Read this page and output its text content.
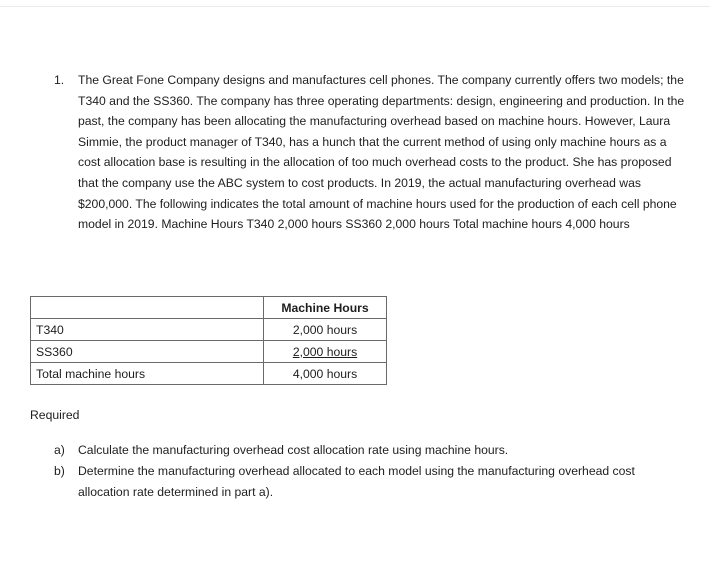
1. The Great Fone Company designs and manufactures cell phones. The company currently offers two models; the T340 and the SS360. The company has three operating departments: design, engineering and production. In the past, the company has been allocating the manufacturing overhead based on machine hours. However, Laura Simmie, the product manager of T340, has a hunch that the current method of using only machine hours as a cost allocation base is resulting in the allocation of too much overhead costs to the product. She has proposed that the company use the ABC system to cost products. In 2019, the actual manufacturing overhead was $200,000. The following indicates the total amount of machine hours used for the production of each cell phone model in 2019. Machine Hours T340 2,000 hours SS360 2,000 hours Total machine hours 4,000 hours
	Machine Hours
T340	2,000 hours
SS360	2,000 hours
Total machine hours	4,000 hours
Required
a) Calculate the manufacturing overhead cost allocation rate using machine hours.
b) Determine the manufacturing overhead allocated to each model using the manufacturing overhead cost allocation rate determined in part a).
